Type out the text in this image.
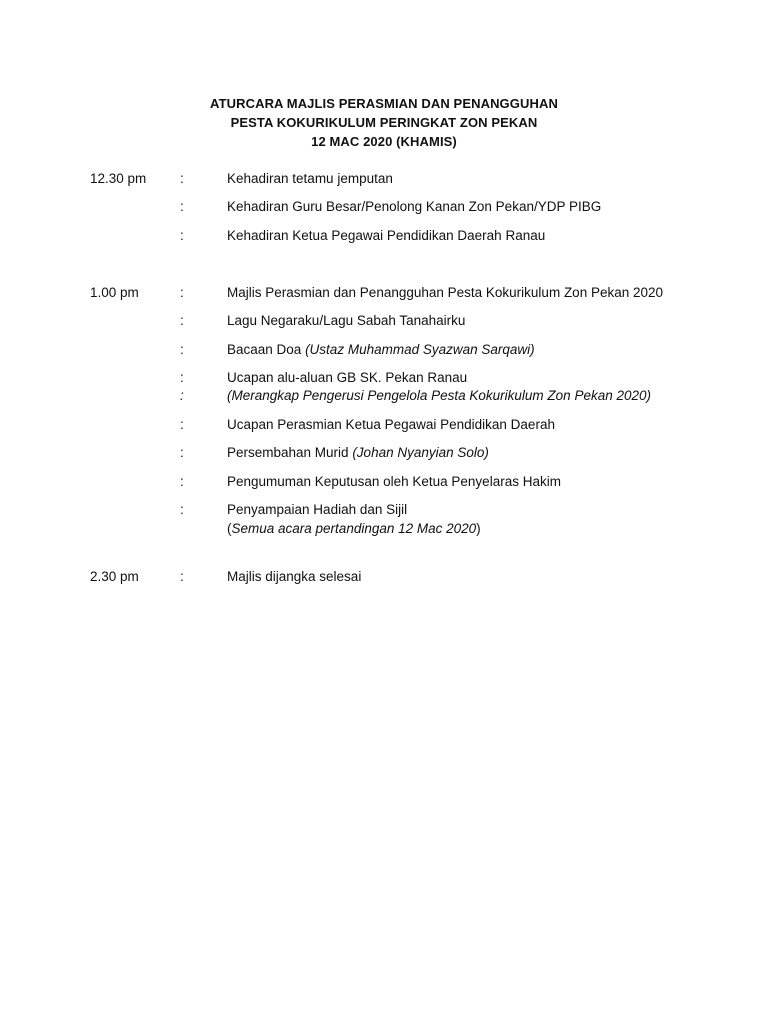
ATURCARA MAJLIS PERASMIAN DAN PENANGGUHAN
PESTA KOKURIKULUM PERINGKAT ZON PEKAN
12 MAC 2020 (KHAMIS)
12.30 pm :	Kehadiran tetamu jemputan
:	Kehadiran Guru Besar/Penolong Kanan Zon Pekan/YDP PIBG
:	Kehadiran Ketua Pegawai Pendidikan Daerah Ranau
1.00 pm	:	Majlis Perasmian dan Penangguhan Pesta Kokurikulum Zon Pekan 2020
:	Lagu Negaraku/Lagu Sabah Tanahairku
:	Bacaan Doa (Ustaz Muhammad Syazwan Sarqawi)
:	Ucapan alu-aluan GB SK. Pekan Ranau
:	(Merangkap Pengerusi Pengelola Pesta Kokurikulum Zon Pekan 2020)
:	Ucapan Perasmian Ketua Pegawai Pendidikan Daerah
:	Persembahan Murid (Johan Nyanyian Solo)
:	Pengumuman Keputusan oleh Ketua Penyelaras Hakim
:	Penyampaian Hadiah dan Sijil
(Semua acara pertandingan 12 Mac 2020)
2.30 pm	:	Majlis dijangka selesai
